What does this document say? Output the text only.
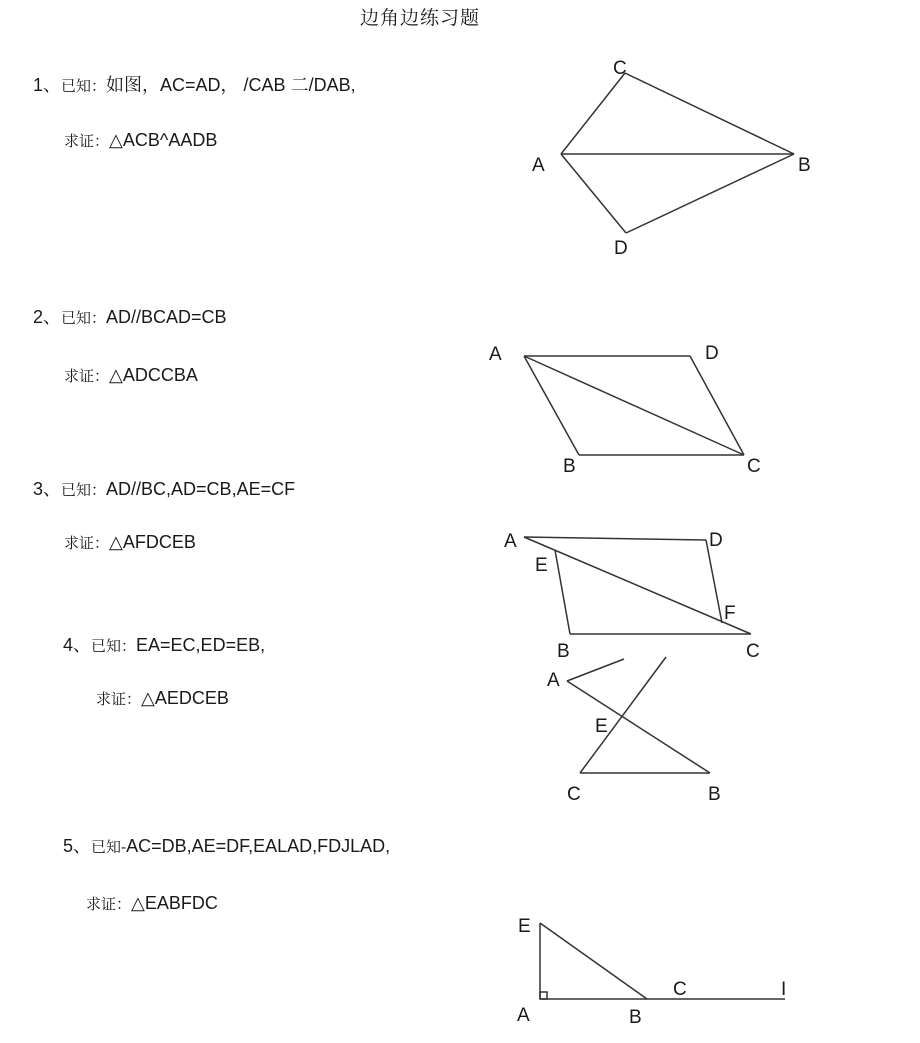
边角边练习题
1、已知：如图，AC=AD， /CAB 二/DAB,
求证：△ACB^AADB
C
A	B
D
2、已知：AD//BCAD=CB
求证：△ADCCBA
A	D
B	C
3、已知：AD//BC,AD=CB,AE=CF
求证：△AFDCEB	A	D
E
F
B	C
4、已知：EA=EC,ED=EB,
求证：△AEDCEB
A
E
C	B
5、已知-AC=DB,AE=DF,EALAD,FDJLAD,
求证：△EABFDC
E
A	B
C	I
